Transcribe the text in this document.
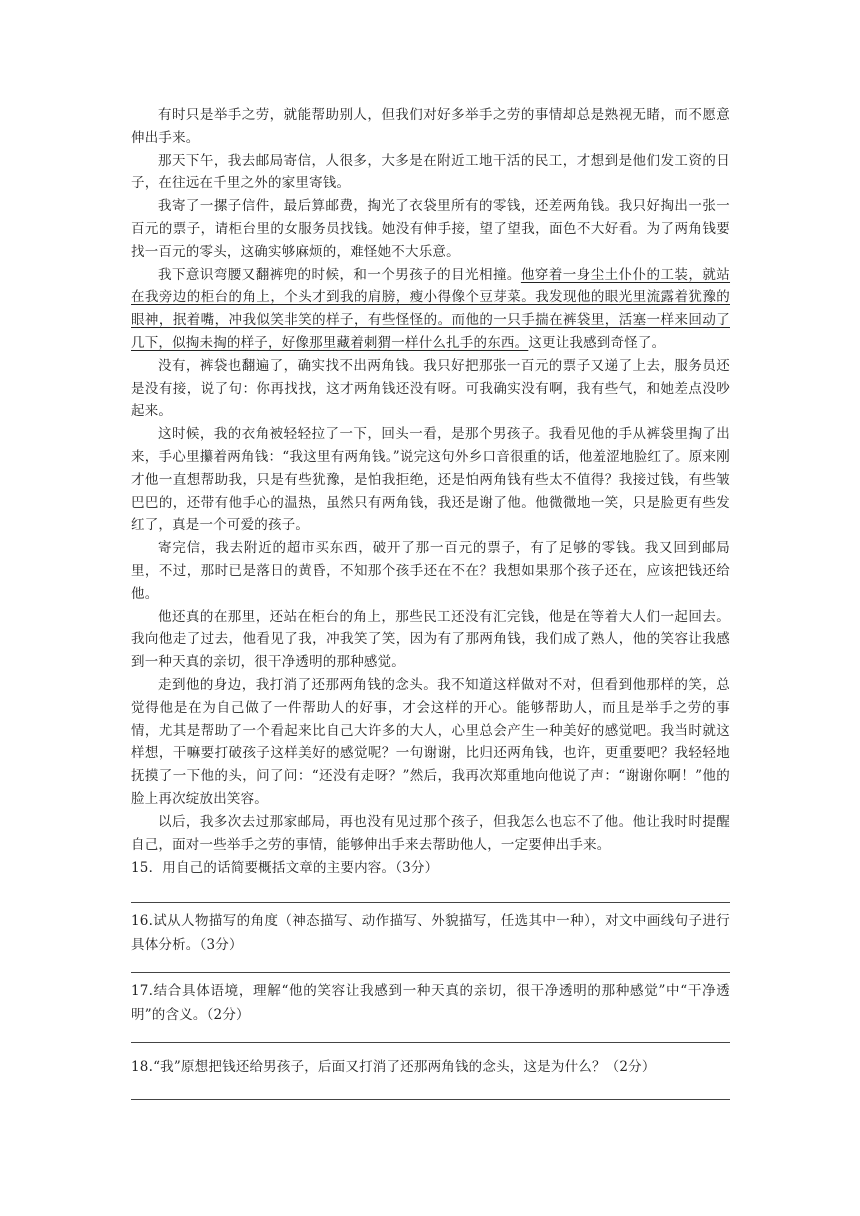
有时只是举手之劳，就能帮助别人，但我们对好多举手之劳的事情却总是熟视无睹，而不愿意伸出手来。

那天下午，我去邮局寄信，人很多，大多是在附近工地干活的民工，才想到是他们发工资的日子，在往远在千里之外的家里寄钱。

我寄了一摞子信件，最后算邮费，掏光了衣袋里所有的零钱，还差两角钱。我只好掏出一张一百元的票子，请柜台里的女服务员找钱。她没有伸手接，望了望我，面色不大好看。为了两角钱要找一百元的零头，这确实够麻烦的，难怪她不大乐意。

我下意识弯腰又翻裤兜的时候，和一个男孩子的目光相撞。他穿着一身尘土仆仆的工装，就站在我旁边的柜台的角上，个头才到我的肩膀，瘦小得像个豆芽菜。我发现他的眼光里流露着犹豫的眼神，抿着嘴，冲我似笑非笑的样子，有些怪怪的。而他的一只手揣在裤袋里，活塞一样来回动了几下，似掏未掏的样子，好像那里藏着刺猬一样什么扎手的东西。这更让我感到奇怪了。

没有，裤袋也翻遍了，确实找不出两角钱。我只好把那张一百元的票子又递了上去，服务员还是没有接，说了句：你再找找，这才两角钱还没有呀。可我确实没有啊，我有些气，和她差点没吵起来。

这时候，我的衣角被轻轻拉了一下，回头一看，是那个男孩子。我看见他的手从裤袋里掏了出来，手心里攥着两角钱：“我这里有两角钱。”说完这句外乡口音很重的话，他羞涩地脸红了。原来刚才他一直想帮助我，只是有些犹豫，是怕我拒绝，还是怕两角钱有些太不值得？我接过钱，有些皱巴巴的，还带有他手心的温热，虽然只有两角钱，我还是谢了他。他微微地一笑，只是脸更有些发红了，真是一个可爱的孩子。

寄完信，我去附近的超市买东西，破开了那一百元的票子，有了足够的零钱。我又回到邮局里，不过，那时已是落日的黄昏，不知那个孩手还在不在？我想如果那个孩子还在，应该把钱还给他。

他还真的在那里，还站在柜台的角上，那些民工还没有汇完钱，他是在等着大人们一起回去。我向他走了过去，他看见了我，冲我笑了笑，因为有了那两角钱，我们成了熟人，他的笑容让我感到一种天真的亲切，很干净透明的那种感觉。

走到他的身边，我打消了还那两角钱的念头。我不知道这样做对不对，但看到他那样的笑，总觉得他是在为自己做了一件帮助人的好事，才会这样的开心。能够帮助人，而且是举手之劳的事情，尤其是帮助了一个看起来比自己大许多的大人，心里总会产生一种美好的感觉吧。我当时就这样想，干嘛要打破孩子这样美好的感觉呢？一句谢谢，比归还两角钱，也许，更重要吧？我轻轻地抚摸了一下他的头，问了问：“还没有走呀？”然后，我再次郑重地向他说了声：“谢谢你啊！”他的脸上再次绽放出笑容。

以后，我多次去过那家邮局，再也没有见过那个孩子，但我怎么也忘不了他。他让我时时提醒自己，面对一些举手之劳的事情，能够伸出手来去帮助他人，一定要伸出手来。

15．用自己的话简要概括文章的主要内容。（3分）

16.试从人物描写的角度（神态描写、动作描写、外貌描写，任选其中一种），对文中画线句子进行具体分析。（3分）

17.结合具体语境，理解“他的笑容让我感到一种天真的亲切，很干净透明的那种感觉”中“干净透明”的含义。（2分）

18.“我”原想把钱还给男孩子，后面又打消了还那两角钱的念头，这是为什么？（2分）
